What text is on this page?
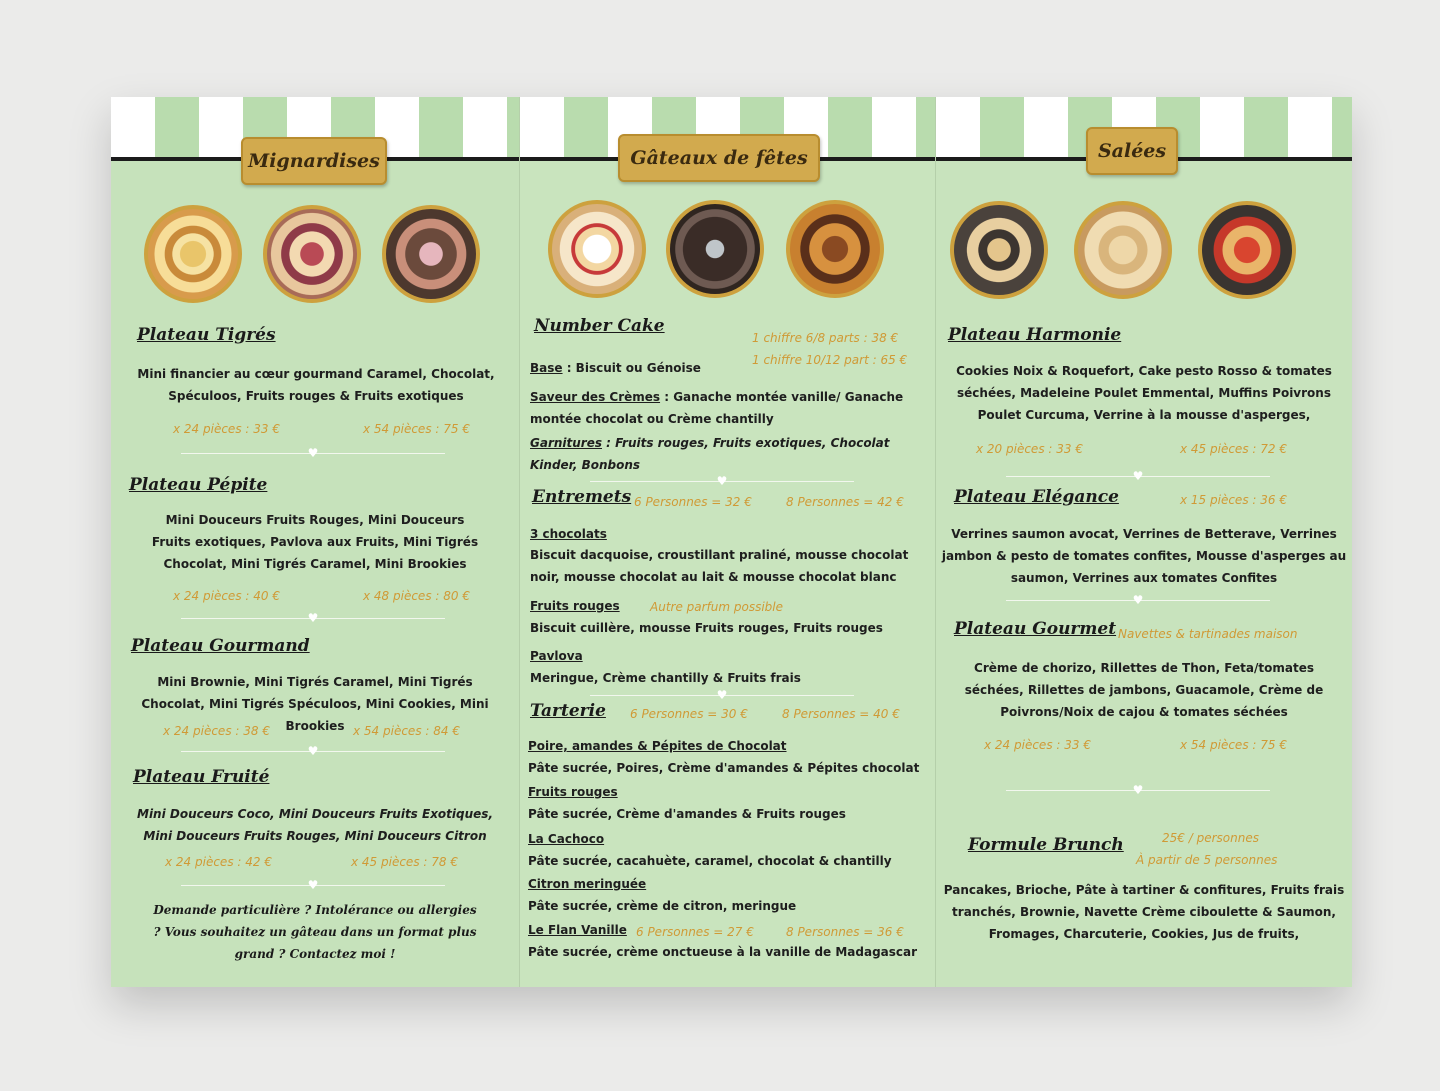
Mignardises
Plateau Tigrés
Mini financier au cœur gourmand Caramel, Chocolat, Spéculoos, Fruits rouges & Fruits exotiques
x 24 pièces : 33 €	x 54 pièces : 75 €
♥
Plateau Pépite
Mini Douceurs Fruits Rouges, Mini Douceurs Fruits exotiques, Pavlova aux Fruits, Mini Tigrés Chocolat, Mini Tigrés Caramel, Mini Brookies
x 24 pièces : 40 €	x 48 pièces : 80 €
♥
Plateau Gourmand
Mini Brownie, Mini Tigrés Caramel, Mini Tigrés Chocolat, Mini Tigrés Spéculoos, Mini Cookies, Mini Brookies
x 24 pièces : 38 €	x 54 pièces : 84 €
♥
Plateau Fruité
Mini Douceurs Coco, Mini Douceurs Fruits Exotiques, Mini Douceurs Fruits Rouges, Mini Douceurs Citron
x 24 pièces : 42 €	x 45 pièces : 78 €
♥
Demande particulière ? Intolérance ou allergies ? Vous souhaitez un gâteau dans un format plus grand ? Contactez moi !
Gâteaux de fêtes
Number Cake
1 chiffre 6/8 parts : 38 €
1 chiffre 10/12 part : 65 €
Base : Biscuit ou Génoise
Saveur des Crèmes : Ganache montée vanille/ Ganache montée chocolat ou Crème chantilly
Garnitures : Fruits rouges, Fruits exotiques, Chocolat Kinder, Bonbons
♥
Entremets 6 Personnes = 32 €	8 Personnes = 42 €
3 chocolats
Biscuit dacquoise, croustillant praliné, mousse chocolat noir, mousse chocolat au lait & mousse chocolat blanc
Fruits rouges	Autre parfum possible
Biscuit cuillère, mousse Fruits rouges, Fruits rouges
Pavlova
Meringue, Crème chantilly & Fruits frais
♥
Tarterie 6 Personnes = 30 €	8 Personnes = 40 €
Poire, amandes & Pépites de Chocolat
Pâte sucrée, Poires, Crème d'amandes & Pépites chocolat
Fruits rouges
Pâte sucrée, Crème d'amandes & Fruits rouges
La Cachoco
Pâte sucrée, cacahuète, caramel, chocolat & chantilly
Citron meringuée
Pâte sucrée, crème de citron, meringue
Le Flan Vanille 6 Personnes = 27 €	8 Personnes = 36 €
Pâte sucrée, crème onctueuse à la vanille de Madagascar
Salées
Plateau Harmonie
Cookies Noix & Roquefort, Cake pesto Rosso & tomates séchées, Madeleine Poulet Emmental, Muffins Poivrons Poulet Curcuma, Verrine à la mousse d'asperges,
x 20 pièces : 33 €	x 45 pièces : 72 €
♥
Plateau Elégance	x 15 pièces : 36 €
Verrines saumon avocat, Verrines de Betterave, Verrines jambon & pesto de tomates confites, Mousse d'asperges au saumon, Verrines aux tomates Confites
♥
Plateau Gourmet Navettes & tartinades maison
Crème de chorizo, Rillettes de Thon, Feta/tomates séchées, Rillettes de jambons, Guacamole, Crème de Poivrons/Noix de cajou & tomates séchées
x 24 pièces : 33 €	x 54 pièces : 75 €
♥
Formule Brunch	25€ / personnes
À partir de 5 personnes
Pancakes, Brioche, Pâte à tartiner & confitures, Fruits frais tranchés, Brownie, Navette Crème ciboulette & Saumon, Fromages, Charcuterie, Cookies, Jus de fruits,
